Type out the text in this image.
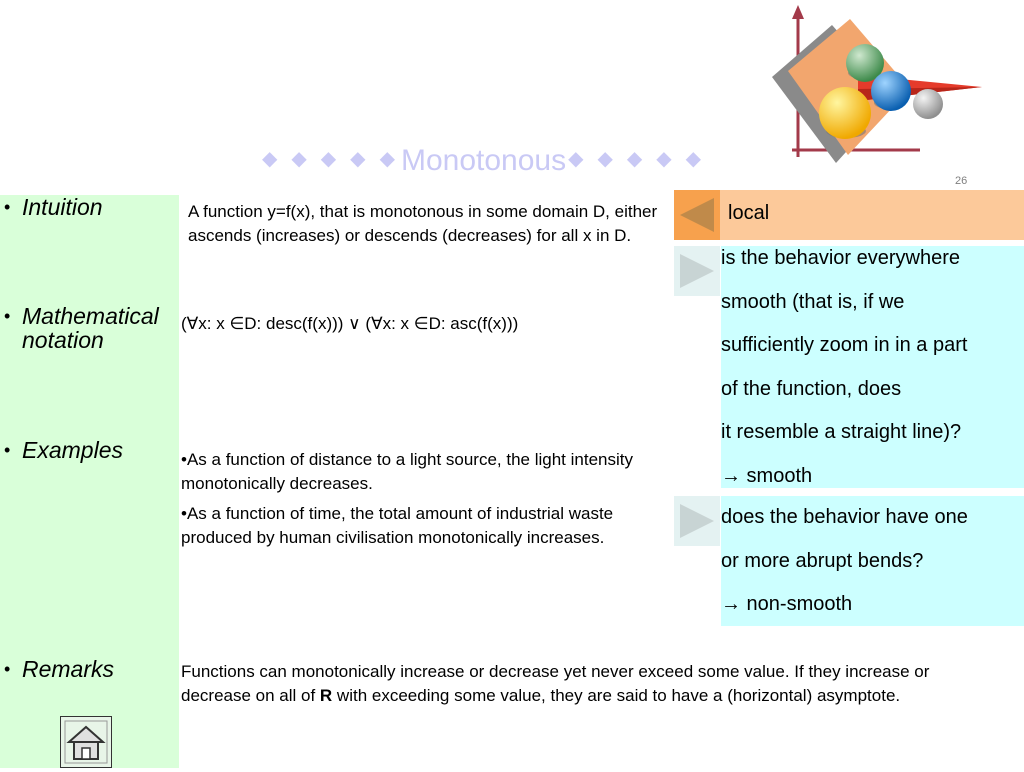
◆ ◆ ◆ ◆ ◆ Monotonous ◆ ◆ ◆ ◆ ◆
26
• Intuition
• Mathematical notation
• Examples
• Remarks
A function y=f(x), that is monotonous in some domain D, either ascends (increases) or descends (decreases) for all x in D.
(∀x: x ∈D: desc(f(x))) ∨ (∀x: x ∈D: asc(f(x)))
•As a function of distance to a light source, the light intensity monotonically decreases.
•As a function of time, the total amount of industrial waste produced by human civilisation monotonically increases.
Functions can monotonically increase or decrease yet never exceed some value. If they increase or decrease on all of R with exceeding some value, they are said to have a (horizontal) asymptote.
local
is the behavior everywhere
smooth (that is, if we
sufficiently zoom in in a part
of the function, does
it resemble a straight line)?
→ smooth
does the behavior have one
or more abrupt bends?
→ non-smooth
